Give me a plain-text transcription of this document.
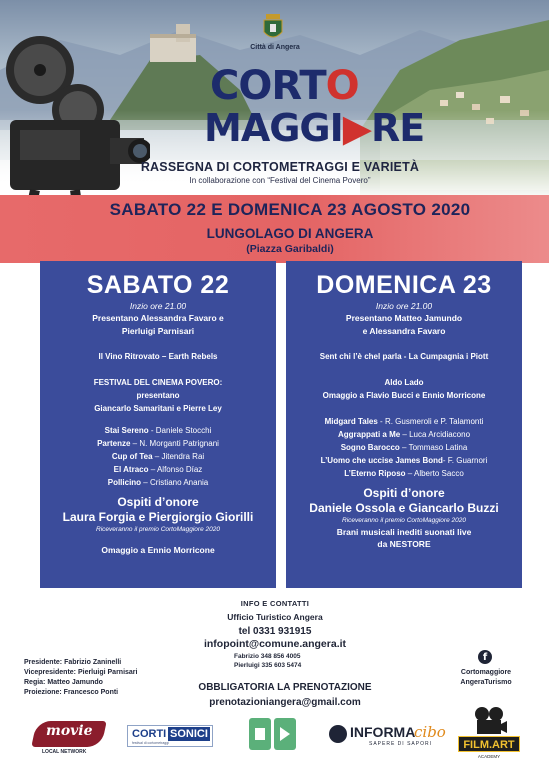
Città di Angera
CORTO
MAGGI▶RE
RASSEGNA DI CORTOMETRAGGI E VARIETÀ
In collaborazione con “Festival del Cinema Povero”
SABATO 22 E DOMENICA 23 AGOSTO 2020
LUNGOLAGO DI ANGERA
(Piazza Garibaldi)
SABATO 22
Inzio ore 21.00
Presentano Alessandra Favaro e
Pierluigi Parnisari
Il Vino Ritrovato – Earth Rebels
FESTIVAL DEL CINEMA POVERO:
presentano
Giancarlo Samaritani e Pierre Ley
Stai Sereno - Daniele Stocchi
Partenze – N. Morganti Patrignani
Cup of Tea – Jitendra Rai
El Atraco – Alfonso Díaz
Pollicino – Cristiano Anania
Ospiti d’onore
Laura Forgia e Piergiorgio Giorilli
Riceveranno il premio CortoMaggiore 2020
Omaggio a Ennio Morricone
DOMENICA 23
Inzio ore 21.00
Presentano Matteo Jamundo
e Alessandra Favaro
Sent chi l’è chel parla - La Cumpagnia i Piott
Aldo Lado
Omaggio a Flavio Bucci e Ennio Morricone
Midgard Tales - R. Gusmeroli e P. Talamonti
Aggrappati a Me – Luca Arcidiacono
Sogno Barocco – Tommaso Latina
L’Uomo che uccise James Bond- F. Guarnori
L’Eterno Riposo – Alberto Sacco
Ospiti d’onore
Daniele Ossola e Giancarlo Buzzi
Riceveranno il premio CortoMaggiore 2020
Brani musicali inediti suonati live
da NESTORE
INFO E CONTATTI
Ufficio Turistico Angera
tel 0331 931915
infopoint@comune.angera.it
Fabrizio 348 856 4005
Pierluigi 335 603 5474
Presidente: Fabrizio Zaninelli
Vicepresidente: Pierluigi Parnisari
Regia: Matteo Jamundo
Proiezione: Francesco Ponti	OBBLIGATORIA LA PRENOTAZIONE
prenotazioniangera@gmail.com
f
Cortomaggiore
AngeraTurismo
movie
LOCAL NETWORK
CORTI SONICI
festival di cortometraggi
INFORMA
cibo
SAPERE DI SAPORI	FILM.ART
ACADEMY
